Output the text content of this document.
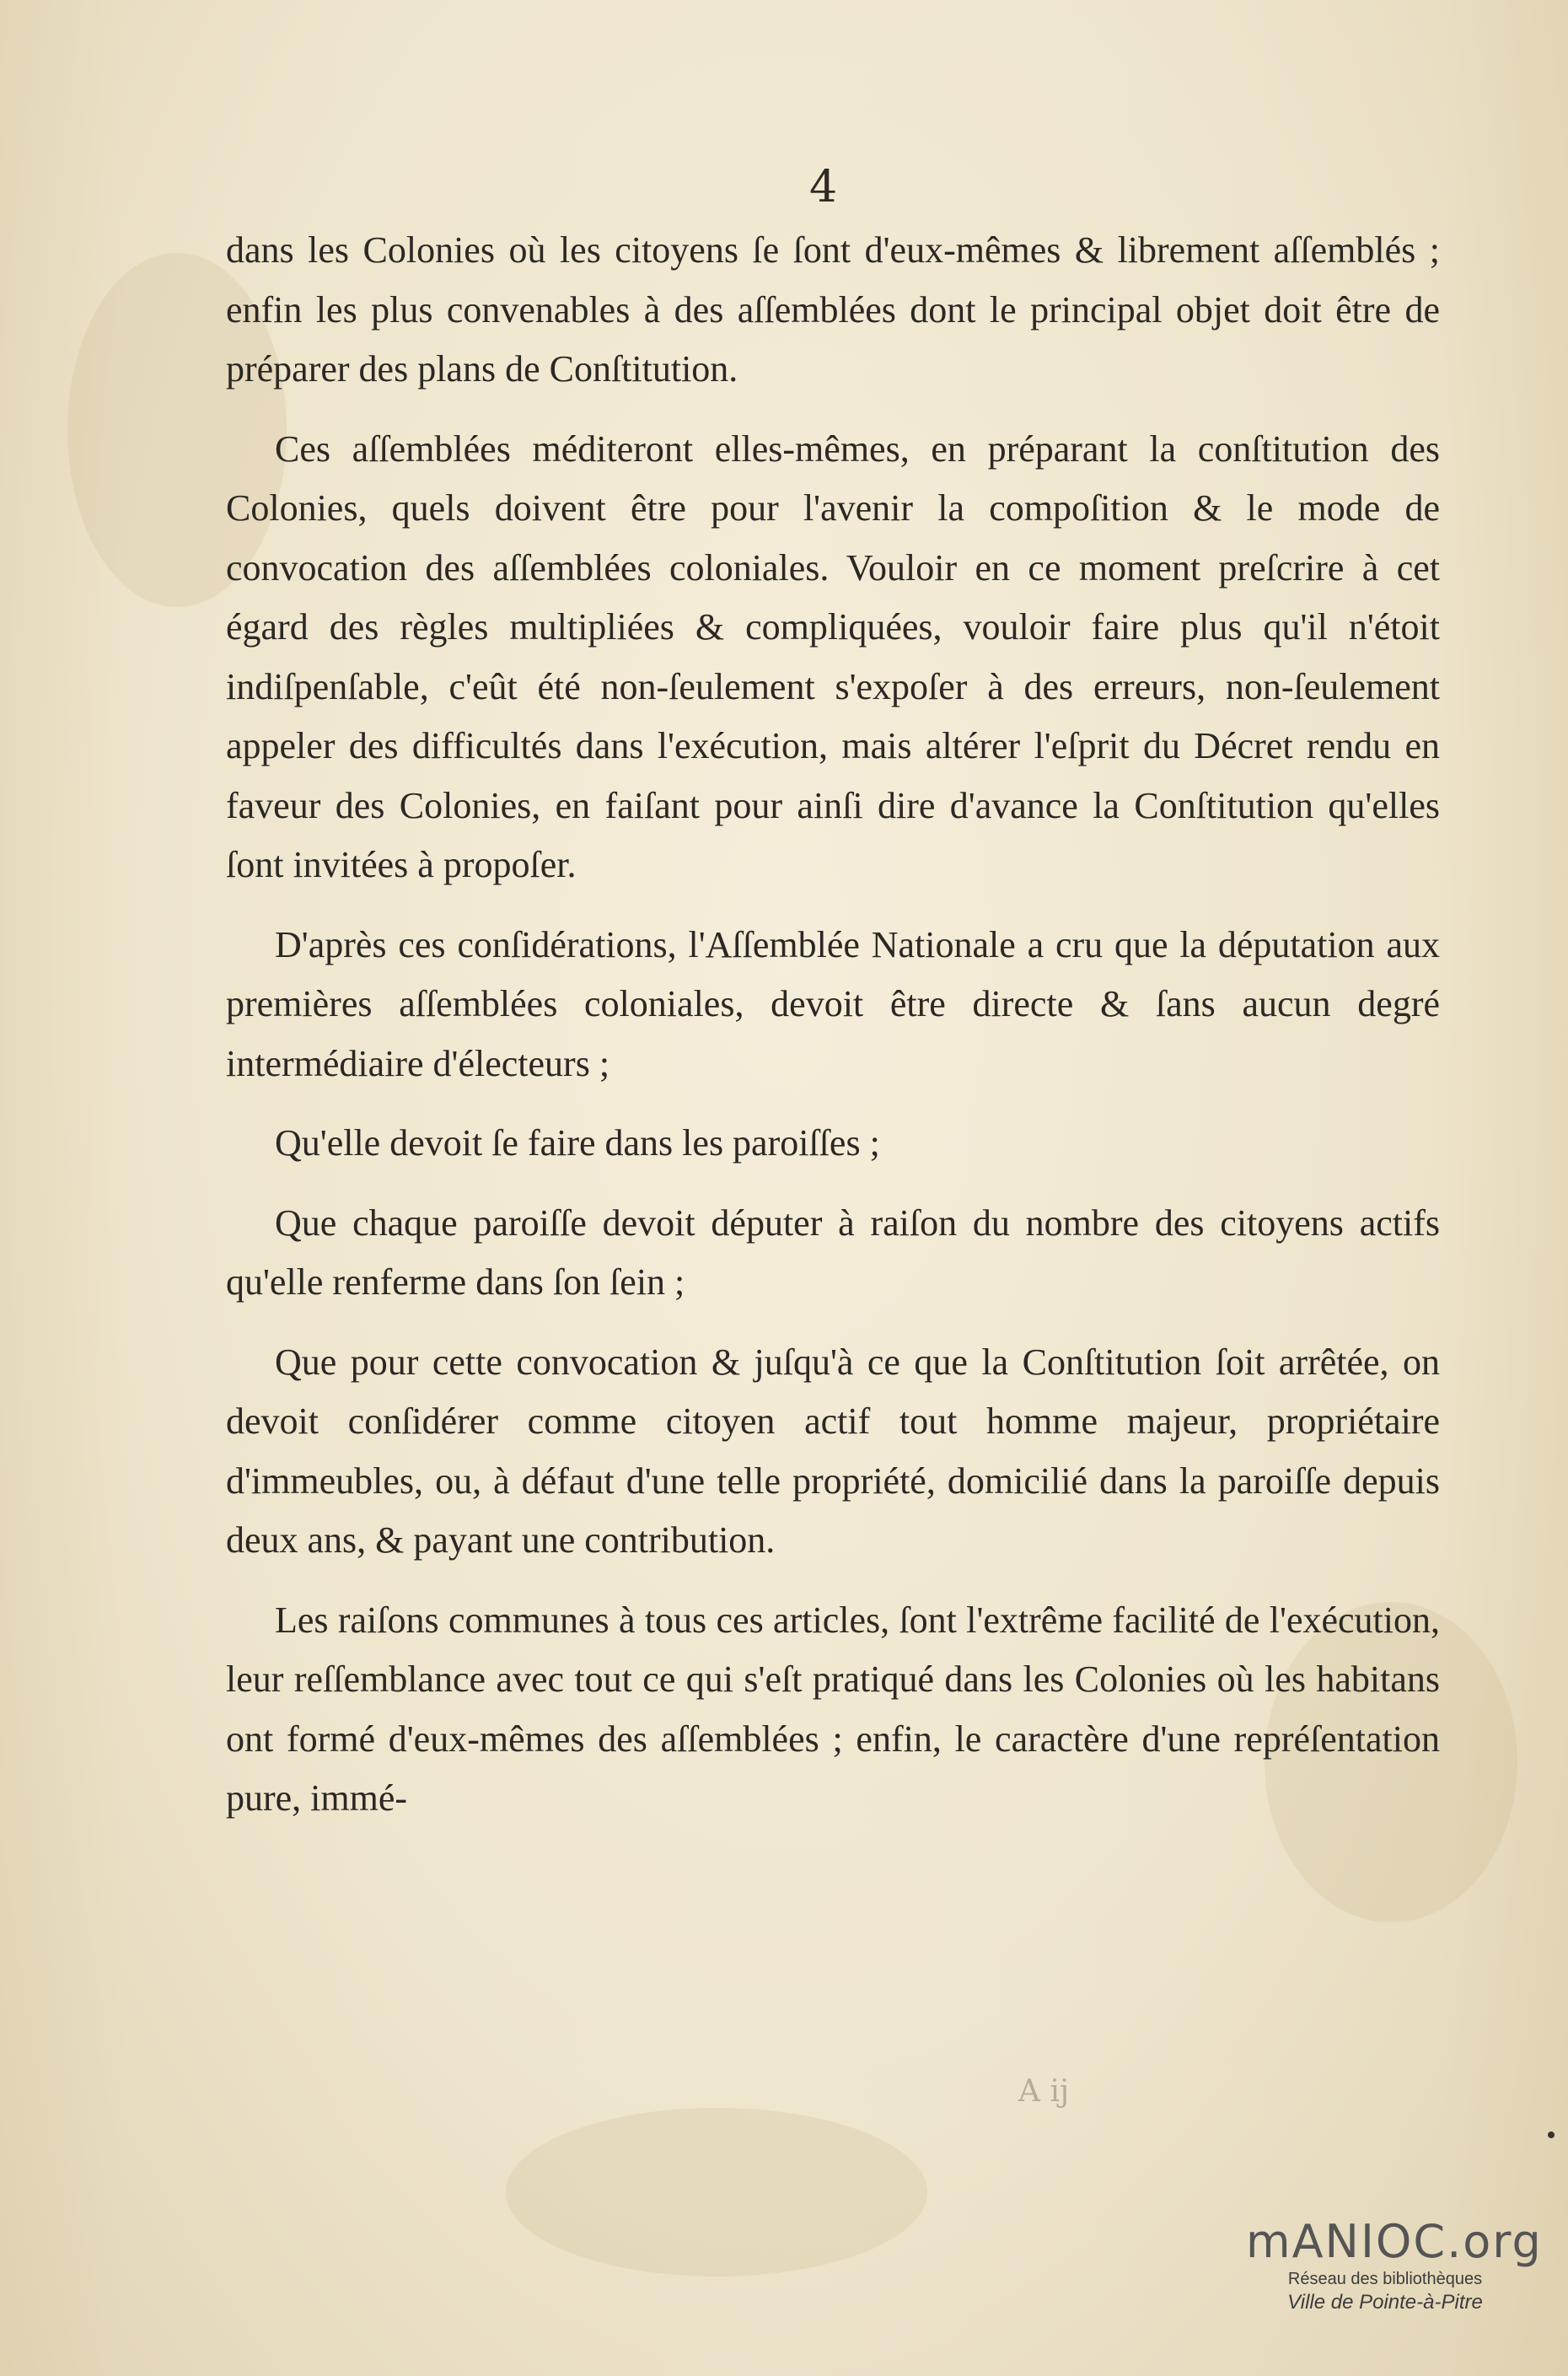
4

dans les Colonies où les citoyens ſe ſont d'eux-mêmes & librement aſſemblés ; enfin les plus convenables à des aſſemblées dont le principal objet doit être de préparer des plans de Conſtitution.

Ces aſſemblées méditeront elles-mêmes, en préparant la conſtitution des Colonies, quels doivent être pour l'avenir la compoſition & le mode de convocation des aſſemblées coloniales. Vouloir en ce moment preſcrire à cet égard des règles multipliées & compliquées, vouloir faire plus qu'il n'étoit indiſpenſable, c'eût été non-ſeulement s'expoſer à des erreurs, non-ſeulement appeler des difficultés dans l'exécution, mais altérer l'eſprit du Décret rendu en faveur des Colonies, en faiſant pour ainſi dire d'avance la Conſtitution qu'elles ſont invitées à propoſer.

D'après ces conſidérations, l'Aſſemblée Nationale a cru que la députation aux premières aſſemblées coloniales, devoit être directe & ſans aucun degré intermédiaire d'électeurs ;

Qu'elle devoit ſe faire dans les paroiſſes ;

Que chaque paroiſſe devoit députer à raiſon du nombre des citoyens actifs qu'elle renferme dans ſon ſein ;

Que pour cette convocation & juſqu'à ce que la Conſtitution ſoit arrêtée, on devoit conſidérer comme citoyen actif tout homme majeur, propriétaire d'immeubles, ou, à défaut d'une telle propriété, domicilié dans la paroiſſe depuis deux ans, & payant une contribution.

Les raiſons communes à tous ces articles, ſont l'extrême facilité de l'exécution, leur reſſemblance avec tout ce qui s'eſt pratiqué dans les Colonies où les habitans ont formé d'eux-mêmes des aſſemblées ; enfin, le caractère d'une repréſentation pure, immé-

A ij
mANIOC.org
Réseau des bibliothèques
Ville de Pointe-à-Pitre
